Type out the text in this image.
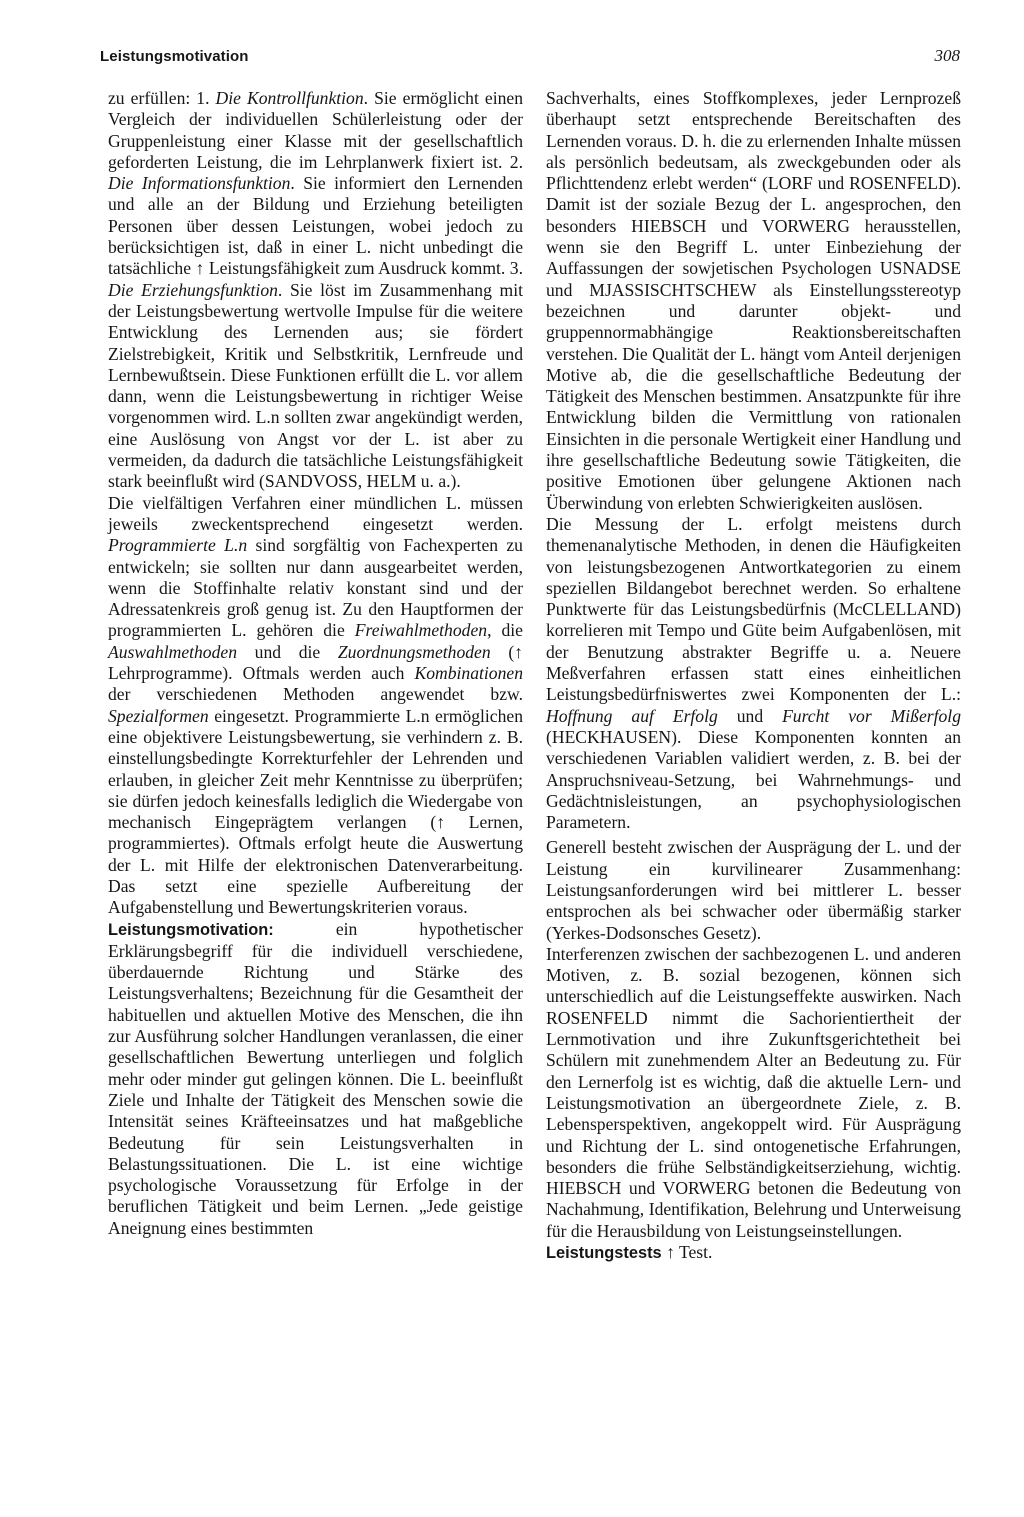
Leistungsmotivation	308

zu erfüllen: 1. Die Kontrollfunktion. Sie ermöglicht einen Vergleich der individuellen Schülerleistung oder der Gruppenleistung einer Klasse mit der gesellschaftlich geforderten Leistung, die im Lehrplanwerk fixiert ist. 2. Die Informationsfunktion. Sie informiert den Lernenden und alle an der Bildung und Erziehung beteiligten Personen über dessen Leistungen, wobei jedoch zu berücksichtigen ist, daß in einer L. nicht unbedingt die tatsächliche ↑ Leistungsfähigkeit zum Ausdruck kommt. 3. Die Erziehungsfunktion. Sie löst im Zusammenhang mit der Leistungsbewertung wertvolle Impulse für die weitere Entwicklung des Lernenden aus; sie fördert Zielstrebigkeit, Kritik und Selbstkritik, Lernfreude und Lernbewußtsein. Diese Funktionen erfüllt die L. vor allem dann, wenn die Leistungsbewertung in richtiger Weise vorgenommen wird. L.n sollten zwar angekündigt werden, eine Auslösung von Angst vor der L. ist aber zu vermeiden, da dadurch die tatsächliche Leistungsfähigkeit stark beeinflußt wird (SANDVOSS, HELM u. a.).

Die vielfältigen Verfahren einer mündlichen L. müssen jeweils zweckentsprechend eingesetzt werden. Programmierte L.n sind sorgfältig von Fachexperten zu entwickeln; sie sollten nur dann ausgearbeitet werden, wenn die Stoffinhalte relativ konstant sind und der Adressatenkreis groß genug ist. Zu den Hauptformen der programmierten L. gehören die Freiwahlmethoden, die Auswahlmethoden und die Zuordnungsmethoden (↑ Lehrprogramme). Oftmals werden auch Kombinationen der verschiedenen Methoden angewendet bzw. Spezialformen eingesetzt. Programmierte L.n ermöglichen eine objektivere Leistungsbewertung, sie verhindern z. B. einstellungsbedingte Korrekturfehler der Lehrenden und erlauben, in gleicher Zeit mehr Kenntnisse zu überprüfen; sie dürfen jedoch keinesfalls lediglich die Wiedergabe von mechanisch Eingeprägtem verlangen (↑ Lernen, programmiertes). Oftmals erfolgt heute die Auswertung der L. mit Hilfe der elektronischen Datenverarbeitung. Das setzt eine spezielle Aufbereitung der Aufgabenstellung und Bewertungskriterien voraus.

Leistungsmotivation: ein hypothetischer Erklärungsbegriff für die individuell verschiedene, überdauernde Richtung und Stärke des Leistungsverhaltens; Bezeichnung für die Gesamtheit der habituellen und aktuellen Motive des Menschen, die ihn zur Ausführung solcher Handlungen veranlassen, die einer gesellschaftlichen Bewertung unterliegen und folglich mehr oder minder gut gelingen können. Die L. beeinflußt Ziele und Inhalte der Tätigkeit des Menschen sowie die Intensität seines Kräfteeinsatzes und hat maßgebliche Bedeutung für sein Leistungsverhalten in Belastungssituationen. Die L. ist eine wichtige psychologische Voraussetzung für Erfolge in der beruflichen Tätigkeit und beim Lernen. „Jede geistige Aneignung eines bestimmten

Sachverhalts, eines Stoffkomplexes, jeder Lernprozeß überhaupt setzt entsprechende Bereitschaften des Lernenden voraus. D. h. die zu erlernenden Inhalte müssen als persönlich bedeutsam, als zweckgebunden oder als Pflichttendenz erlebt werden“ (LORF und ROSENFELD). Damit ist der soziale Bezug der L. angesprochen, den besonders HIEBSCH und VORWERG herausstellen, wenn sie den Begriff L. unter Einbeziehung der Auffassungen der sowjetischen Psychologen USNADSE und MJASSISCHTSCHEW als Einstellungsstereotyp bezeichnen und darunter objekt- und gruppennormabhängige Reaktionsbereitschaften verstehen. Die Qualität der L. hängt vom Anteil derjenigen Motive ab, die die gesellschaftliche Bedeutung der Tätigkeit des Menschen bestimmen. Ansatzpunkte für ihre Entwicklung bilden die Vermittlung von rationalen Einsichten in die personale Wertigkeit einer Handlung und ihre gesellschaftliche Bedeutung sowie Tätigkeiten, die positive Emotionen über gelungene Aktionen nach Überwindung von erlebten Schwierigkeiten auslösen.

Die Messung der L. erfolgt meistens durch themenanalytische Methoden, in denen die Häufigkeiten von leistungsbezogenen Antwortkategorien zu einem speziellen Bildangebot berechnet werden. So erhaltene Punktwerte für das Leistungsbedürfnis (McCLELLAND) korrelieren mit Tempo und Güte beim Aufgabenlösen, mit der Benutzung abstrakter Begriffe u. a. Neuere Meßverfahren erfassen statt eines einheitlichen Leistungsbedürfniswertes zwei Komponenten der L.: Hoffnung auf Erfolg und Furcht vor Mißerfolg (HECKHAUSEN). Diese Komponenten konnten an verschiedenen Variablen validiert werden, z. B. bei der Anspruchsniveau-Setzung, bei Wahrnehmungs- und Gedächtnisleistungen, an psychophysiologischen Parametern.

Generell besteht zwischen der Ausprägung der L. und der Leistung ein kurvilinearer Zusammenhang: Leistungsanforderungen wird bei mittlerer L. besser entsprochen als bei schwacher oder übermäßig starker (Yerkes-Dodsonsches Gesetz).

Interferenzen zwischen der sachbezogenen L. und anderen Motiven, z. B. sozial bezogenen, können sich unterschiedlich auf die Leistungseffekte auswirken. Nach ROSENFELD nimmt die Sachorientiertheit der Lernmotivation und ihre Zukunftsgerichtetheit bei Schülern mit zunehmendem Alter an Bedeutung zu. Für den Lernerfolg ist es wichtig, daß die aktuelle Lern- und Leistungsmotivation an übergeordnete Ziele, z. B. Lebensperspektiven, angekoppelt wird. Für Ausprägung und Richtung der L. sind ontogenetische Erfahrungen, besonders die frühe Selbständigkeitserziehung, wichtig. HIEBSCH und VORWERG betonen die Bedeutung von Nachahmung, Identifikation, Belehrung und Unterweisung für die Herausbildung von Leistungseinstellungen.

Leistungstests ↑ Test.
